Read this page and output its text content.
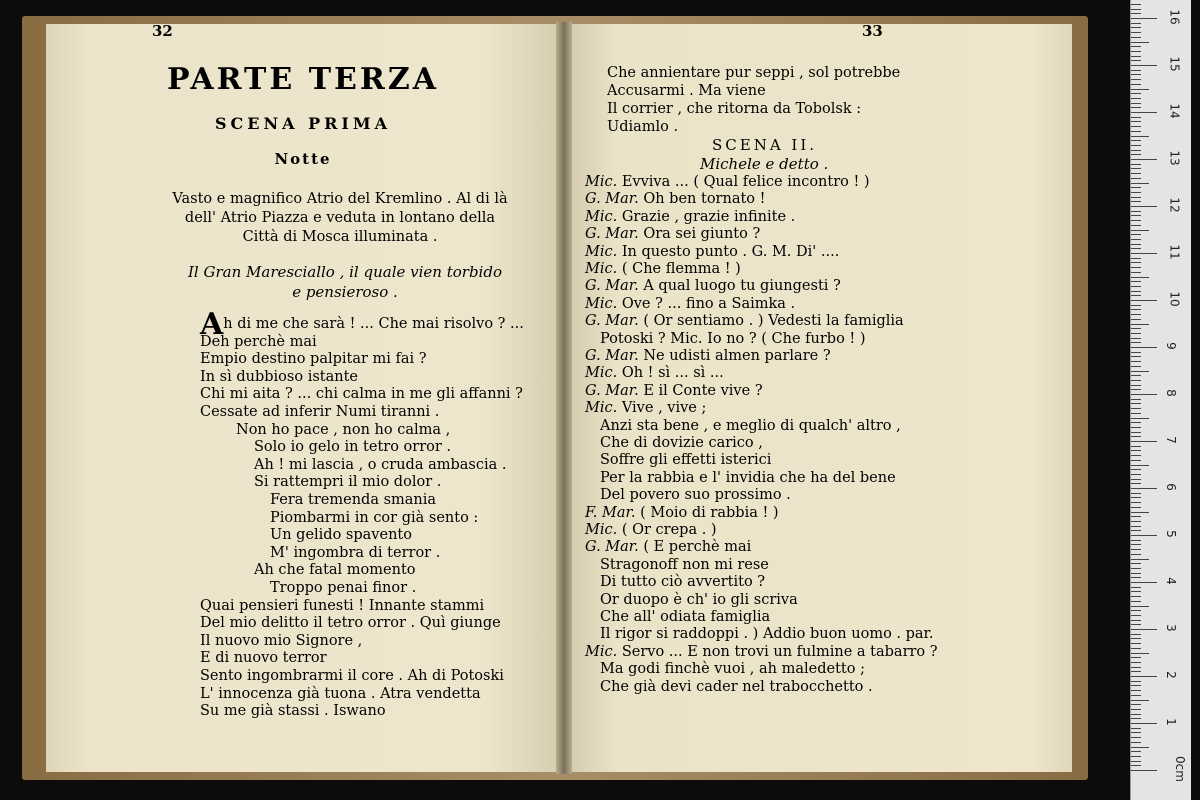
32	33
PARTE TERZA
SCENA PRIMA
Notte
Vasto e magnifico Atrio del Kremlino . Al di là
dell' Atrio Piazza e veduta in lontano della
Città di Mosca illuminata .
Il Gran Maresciallo , il quale vien torbido
e pensieroso .
Ah di me che sarà ! ... Che mai risolvo ? ...
Deh perchè mai
Empio destino palpitar mi fai ?
In sì dubbioso istante
Chi mi aita ? ... chi calma in me gli affanni ?
Cessate ad inferir Numi tiranni .
Non ho pace , non ho calma ,
Solo io gelo in tetro orror .
Ah ! mi lascia , o cruda ambascia .
Si rattempri il mio dolor .
Fera tremenda smania
Piombarmi in cor già sento :
Un gelido spavento
M' ingombra di terror .
Ah che fatal momento
Troppo penai finor .
Quai pensieri funesti ! Innante stammi
Del mio delitto il tetro orror . Quì giunge
Il nuovo mio Signore ,
E di nuovo terror
Sento ingombrarmi il core . Ah di Potoski
L' innocenza già tuona . Atra vendetta
Su me già stassi . Iswano
Che annientare pur seppi , sol potrebbe
Accusarmi . Ma viene
Il corrier , che ritorna da Tobolsk :
Udiamlo .
SCENA II.
Michele e detto .
Mic. Evviva ... ( Qual felice incontro ! )
G. Mar. Oh ben tornato !
Mic. Grazie , grazie infinite .
G. Mar. Ora sei giunto ?
Mic. In questo punto . G. M. Di' ....
Mic. ( Che flemma ! )
G. Mar. A qual luogo tu giungesti ?
Mic. Ove ? ... fino a Saimka .
G. Mar. ( Or sentiamo . ) Vedesti la famiglia
Potoski ? Mic. Io no ? ( Che furbo ! )
G. Mar. Ne udisti almen parlare ?
Mic. Oh ! sì ... sì ...
G. Mar. E il Conte vive ?
Mic. Vive , vive ;
Anzi sta bene , e meglio di qualch' altro ,
Che di dovizie carico ,
Soffre gli effetti isterici
Per la rabbia e l' invidia che ha del bene
Del povero suo prossimo .
F. Mar. ( Moio di rabbia ! )
Mic. ( Or crepa . )
G. Mar. ( E perchè mai
Stragonoff non mi rese
Di tutto ciò avvertito ?
Or duopo è ch' io gli scriva
Che all' odiata famiglia
Il rigor si raddoppi . ) Addio buon uomo . par.
Mic. Servo ... E non trovi un fulmine a tabarro ?
Ma godi finchè vuoi , ah maledetto ;
Che già devi cader nel trabocchetto .
0cm
1
2
3
4
5
6
7
8
9
10
11
12
13
14
15
16
